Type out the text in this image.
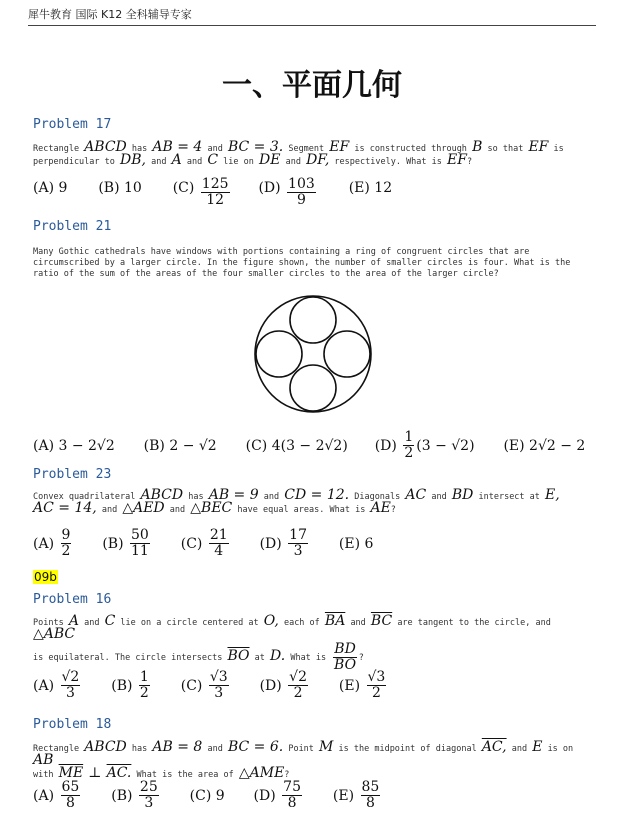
犀牛教育 国际 K12 全科辅导专家
一、平面几何
Problem 17
Rectangle ABCD has AB = 4 and BC = 3. Segment EF is constructed through B so that EF is
perpendicular to DB, and A and C lie on DE and DF, respectively. What is EF?
(A) 9 (B) 10 $(C) \frac{125}{12} (D) \frac{103}{9} (E)$ 12
Problem 21
Many Gothic cathedrals have windows with portions containing a ring of congruent circles that are circumscribed by a larger circle. In the figure shown, the number of smaller circles is four. What is the ratio of the sum of the areas of the four smaller circles to the area of the larger circle?
(A) 3 − 2√2 (B) 2 − √2 (C) 4(3 − 2√2) $(D) \frac{1}{2} (3 - √2)$ (E) 2√2 − 2
Problem 23
Convex quadrilateral ABCD has AB = 9 and CD = 12. Diagonals AC and BD intersect at E,
AC = 14, and △AED and △BEC have equal areas. What is AE?
$(A) \frac{9}{2} (B) \frac{50}{11} (C) \frac{21}{4} (D) \frac{17}{3} (E)$ 6
09b
Problem 16
Points A and C lie on a circle centered at O, each of $\overline{BA}$ and $\overline{BC}$ are tangent to the circle, and △ABC
is equilateral. The circle intersects $\overline{BO}$ at D. What is $\frac{BD}{BO}$ ?
$(A) \frac{√2}{3} (B) \frac{1}{2} (C) \frac{√3}{3} (D) \frac{√2}{2} (E) \frac{√3}{2}$
Problem 18
Rectangle ABCD has AB = 8 and BC = 6. Point M is the midpoint of diagonal AC, and E is on AB
with $\overline{ME}$ ⊥ AC. What is the area of △AME?
$(A) \frac{65}{8} (B) \frac{25}{3} (C)$ 9 $(D) \frac{75}{8} (E) \frac{85}{8}$
